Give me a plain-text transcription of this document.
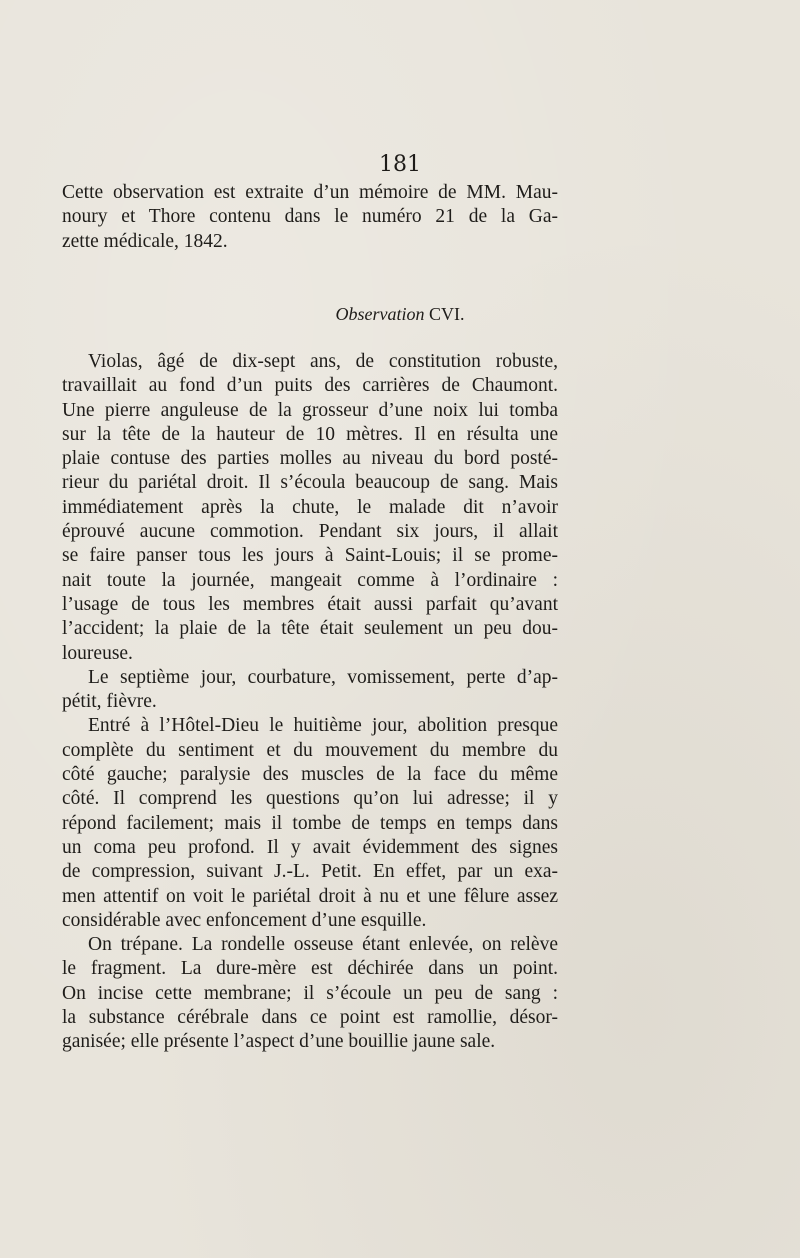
181
Cette observation est extraite d’un mémoire de MM. Mau-
noury et Thore contenu dans le numéro 21 de la Ga-
zette médicale, 1842.
Observation CVI.
Violas, âgé de dix-sept ans, de constitution robuste,
travaillait au fond d’un puits des carrières de Chaumont.
Une pierre anguleuse de la grosseur d’une noix lui tomba
sur la tête de la hauteur de 10 mètres. Il en résulta une
plaie contuse des parties molles au niveau du bord posté-
rieur du pariétal droit. Il s’écoula beaucoup de sang. Mais
immédiatement après la chute, le malade dit n’avoir
éprouvé aucune commotion. Pendant six jours, il allait
se faire panser tous les jours à Saint-Louis; il se prome-
nait toute la journée, mangeait comme à l’ordinaire :
l’usage de tous les membres était aussi parfait qu’avant
l’accident; la plaie de la tête était seulement un peu dou-
loureuse.
Le septième jour, courbature, vomissement, perte d’ap-
pétit, fièvre.
Entré à l’Hôtel-Dieu le huitième jour, abolition presque
complète du sentiment et du mouvement du membre du
côté gauche; paralysie des muscles de la face du même
côté. Il comprend les questions qu’on lui adresse; il y
répond facilement; mais il tombe de temps en temps dans
un coma peu profond. Il y avait évidemment des signes
de compression, suivant J.-L. Petit. En effet, par un exa-
men attentif on voit le pariétal droit à nu et une fêlure assez
considérable avec enfoncement d’une esquille.
On trépane. La rondelle osseuse étant enlevée, on relève
le fragment. La dure-mère est déchirée dans un point.
On incise cette membrane; il s’écoule un peu de sang :
la substance cérébrale dans ce point est ramollie, désor-
ganisée; elle présente l’aspect d’une bouillie jaune sale.
